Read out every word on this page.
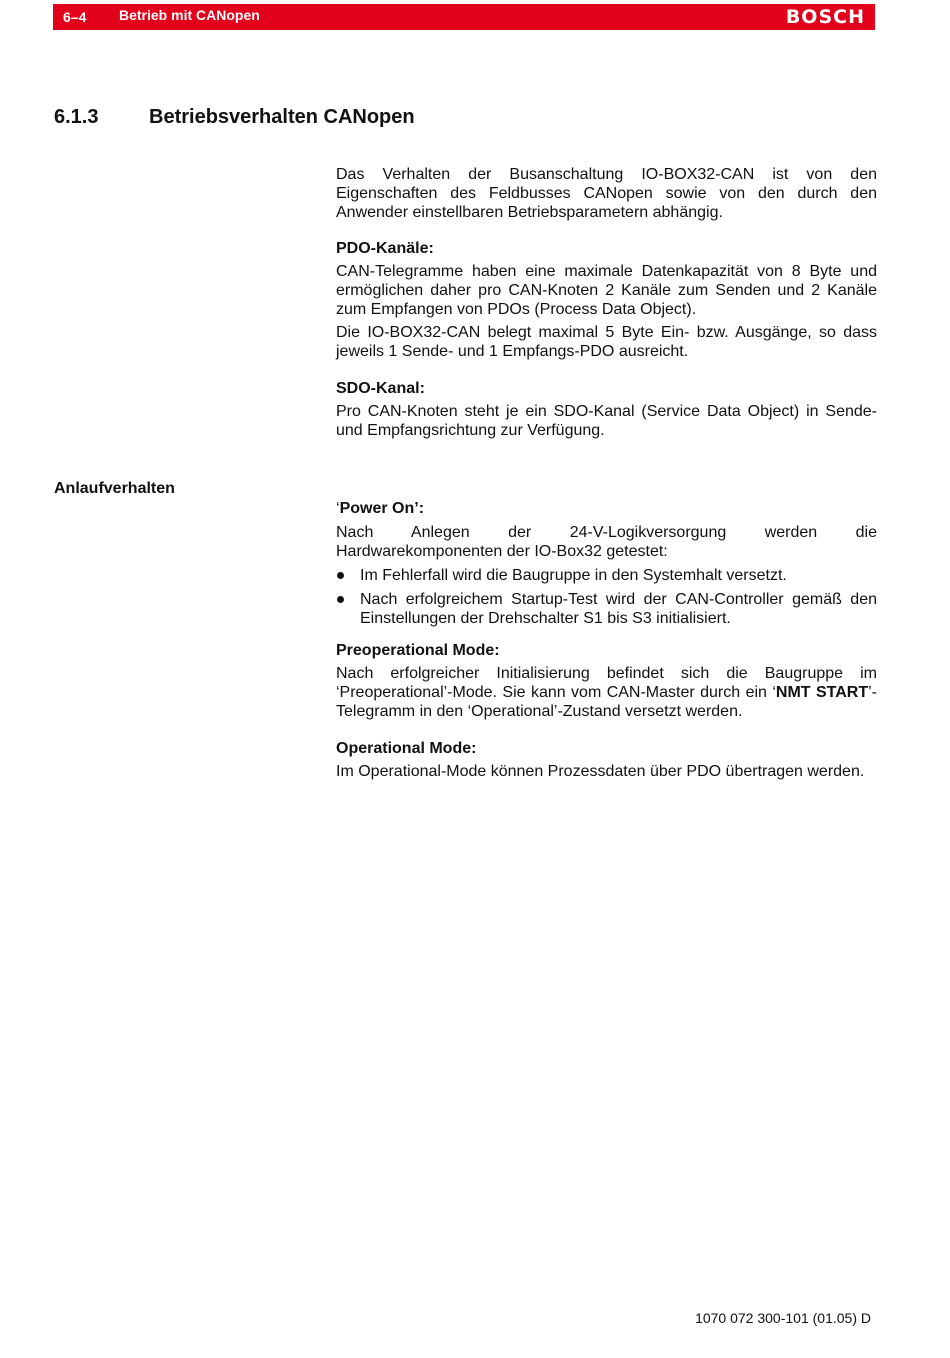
6–4 Betrieb mit CANopen	BOSCH
6.1.3	Betriebsverhalten CANopen

Das Verhalten der Busanschaltung IO-BOX32-CAN ist von den Eigenschaften des Feldbusses CANopen sowie von den durch den Anwender einstellbaren Betriebsparametern abhängig.

PDO-Kanäle:

CAN-Telegramme haben eine maximale Datenkapazität von 8 Byte und ermöglichen daher pro CAN-Knoten 2 Kanäle zum Senden und 2 Kanäle zum Empfangen von PDOs (Process Data Object).

Die IO-BOX32-CAN belegt maximal 5 Byte Ein- bzw. Ausgänge, so dass jeweils 1 Sende- und 1 Empfangs-PDO ausreicht.

SDO-Kanal:

Pro CAN-Knoten steht je ein SDO-Kanal (Service Data Object) in Sende- und Empfangsrichtung zur Verfügung.

Anlaufverhalten

‘Power On’:

Nach Anlegen der 24-V-Logikversorgung werden die Hardwarekomponenten der IO-Box32 getestet:

Im Fehlerfall wird die Baugruppe in den Systemhalt versetzt.
Nach erfolgreichem Startup-Test wird der CAN-Controller gemäß den Einstellungen der Drehschalter S1 bis S3 initialisiert.

Preoperational Mode:

Nach erfolgreicher Initialisierung befindet sich die Baugruppe im ‘Preoperational’-Mode. Sie kann vom CAN-Master durch ein ‘NMT START’-Telegramm in den ‘Operational’-Zustand versetzt werden.

Operational Mode:

Im Operational-Mode können Prozessdaten über PDO übertragen werden.

1070 072 300-101 (01.05) D
